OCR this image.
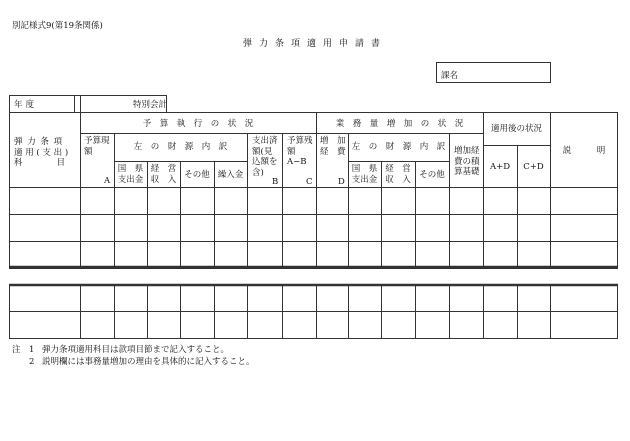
別記様式9(第19条関係)
弾力条項適用申請書
課名
年度	特別会計
弾 力 条 項
適 用 ( 支 出 )
科　　　　目
予　算　執　行　の　状　況
予算現
額
A
左　の　財　源　内　訳
国　県
支出金
経　営
収　入 その他 繰入金
支出済
額(見
込額を
含)
B
予算残
額
A−B
C
業　務　量　増　加　の　状　況
増　加
経　費
D
左　の　財　源　内　訳
国　県
支出金
経　営
収　入 その他
増加経
費の積
算基礎
適用後の状況
A+D	C+D
説　　　明
注　1 弾力条項適用科目は款項目節まで記入すること。
2 説明欄には事務量増加の理由を具体的に記入すること。
